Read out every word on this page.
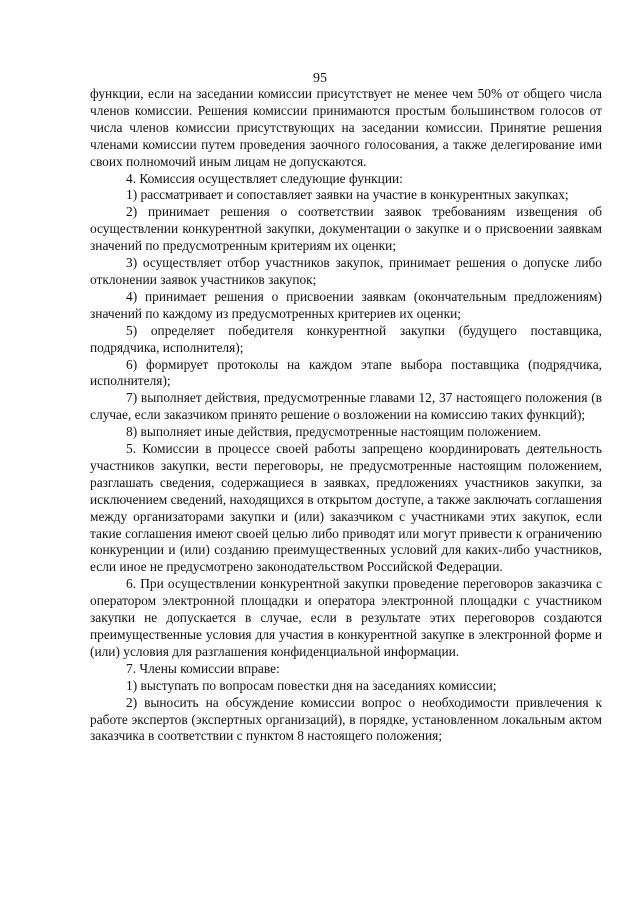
95

функции, если на заседании комиссии присутствует не менее чем 50% от общего числа членов комиссии. Решения комиссии принимаются простым большинством голосов от числа членов комиссии присутствующих на заседании комиссии. Принятие решения членами комиссии путем проведения заочного голосования, а также делегирование ими своих полномочий иным лицам не допускаются.

4. Комиссия осуществляет следующие функции:

1) рассматривает и сопоставляет заявки на участие в конкурентных закупках;

2) принимает решения о соответствии заявок требованиям извещения об осуществлении конкурентной закупки, документации о закупке и о присвоении заявкам значений по предусмотренным критериям их оценки;

3) осуществляет отбор участников закупок, принимает решения о допуске либо отклонении заявок участников закупок;

4) принимает решения о присвоении заявкам (окончательным предложениям) значений по каждому из предусмотренных критериев их оценки;

5) определяет победителя конкурентной закупки (будущего поставщика, подрядчика, исполнителя);

6) формирует протоколы на каждом этапе выбора поставщика (подрядчика, исполнителя);

7) выполняет действия, предусмотренные главами 12, 37 настоящего положения (в случае, если заказчиком принято решение о возложении на комиссию таких функций);

8) выполняет иные действия, предусмотренные настоящим положением.

5. Комиссии в процессе своей работы запрещено координировать деятельность участников закупки, вести переговоры, не предусмотренные настоящим положением, разглашать сведения, содержащиеся в заявках, предложениях участников закупки, за исключением сведений, находящихся в открытом доступе, а также заключать соглашения между организаторами закупки и (или) заказчиком с участниками этих закупок, если такие соглашения имеют своей целью либо приводят или могут привести к ограничению конкуренции и (или) созданию преимущественных условий для каких-либо участников, если иное не предусмотрено законодательством Российской Федерации.

6. При осуществлении конкурентной закупки проведение переговоров заказчика с оператором электронной площадки и оператора электронной площадки с участником закупки не допускается в случае, если в результате этих переговоров создаются преимущественные условия для участия в конкурентной закупке в электронной форме и (или) условия для разглашения конфиденциальной информации.

7. Члены комиссии вправе:

1) выступать по вопросам повестки дня на заседаниях комиссии;

2) выносить на обсуждение комиссии вопрос о необходимости привлечения к работе экспертов (экспертных организаций), в порядке, установленном локальным актом заказчика в соответствии с пунктом 8 настоящего положения;
